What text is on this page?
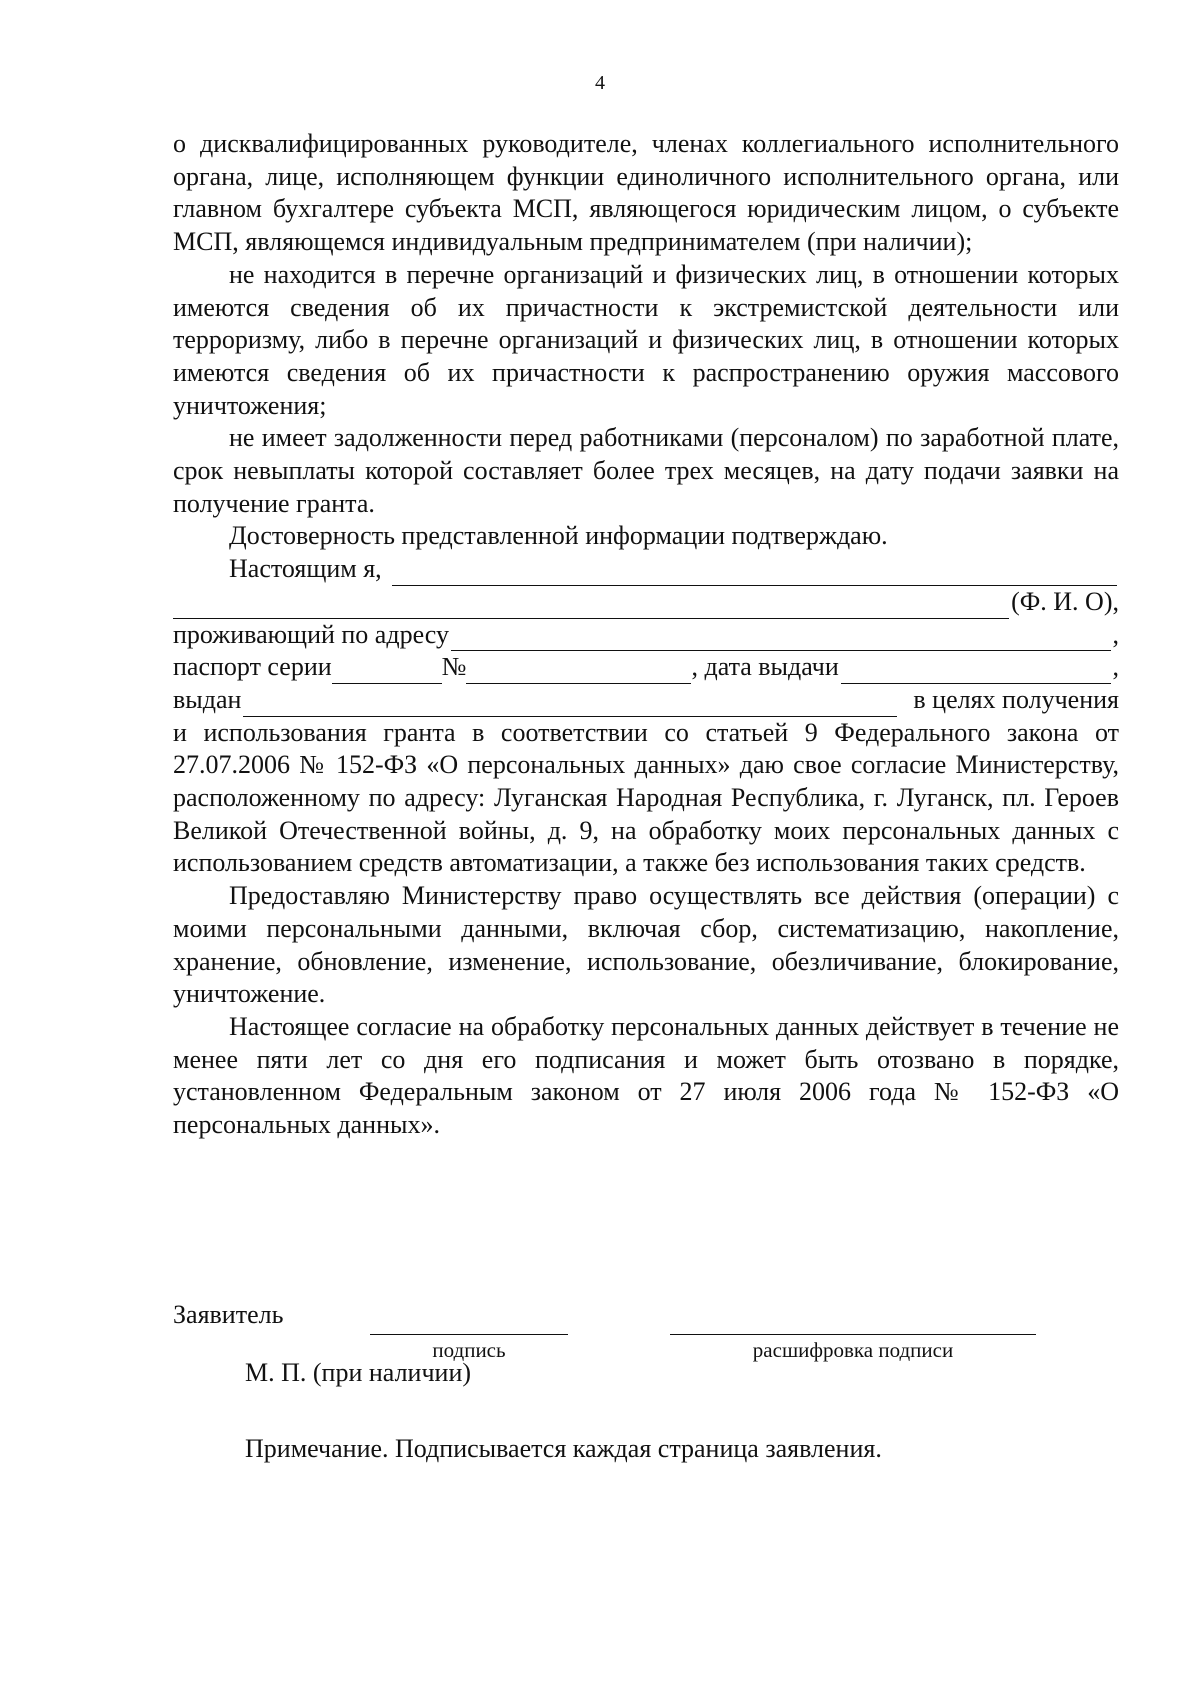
4

о дисквалифицированных руководителе, членах коллегиального исполнительного органа, лице, исполняющем функции единоличного исполнительного органа, или главном бухгалтере субъекта МСП, являющегося юридическим лицом, о субъекте МСП, являющемся индивидуальным предпринимателем (при наличии);

не находится в перечне организаций и физических лиц, в отношении которых имеются сведения об их причастности к экстремистской деятельности или терроризму, либо в перечне организаций и физических лиц, в отношении которых имеются сведения об их причастности к распространению оружия массового уничтожения;

не имеет задолженности перед работниками (персоналом) по заработной плате, срок невыплаты которой составляет более трех месяцев, на дату подачи заявки на получение гранта.

Достоверность представленной информации подтверждаю.

Настоящим я,
(Ф. И. О),
проживающий по адресу	,
паспорт серии	№	, дата выдачи	,
выдан	в целях получения

и использования гранта в соответствии со статьей 9 Федерального закона от 27.07.2006 № 152-ФЗ «О персональных данных» даю свое согласие Министерству, расположенному по адресу: Луганская Народная Республика, г. Луганск, пл. Героев Великой Отечественной войны, д. 9, на обработку моих персональных данных с использованием средств автоматизации, а также без использования таких средств.

Предоставляю Министерству право осуществлять все действия (операции) с моими персональными данными, включая сбор, систематизацию, накопление, хранение, обновление, изменение, использование, обезличивание, блокирование, уничтожение.

Настоящее согласие на обработку персональных данных действует в течение не менее пяти лет со дня его подписания и может быть отозвано в порядке, установленном Федеральным законом от 27 июля 2006 года № 152-ФЗ «О персональных данных».

Заявитель
подпись	расшифровка подписи
М. П. (при наличии)
Примечание. Подписывается каждая страница заявления.
